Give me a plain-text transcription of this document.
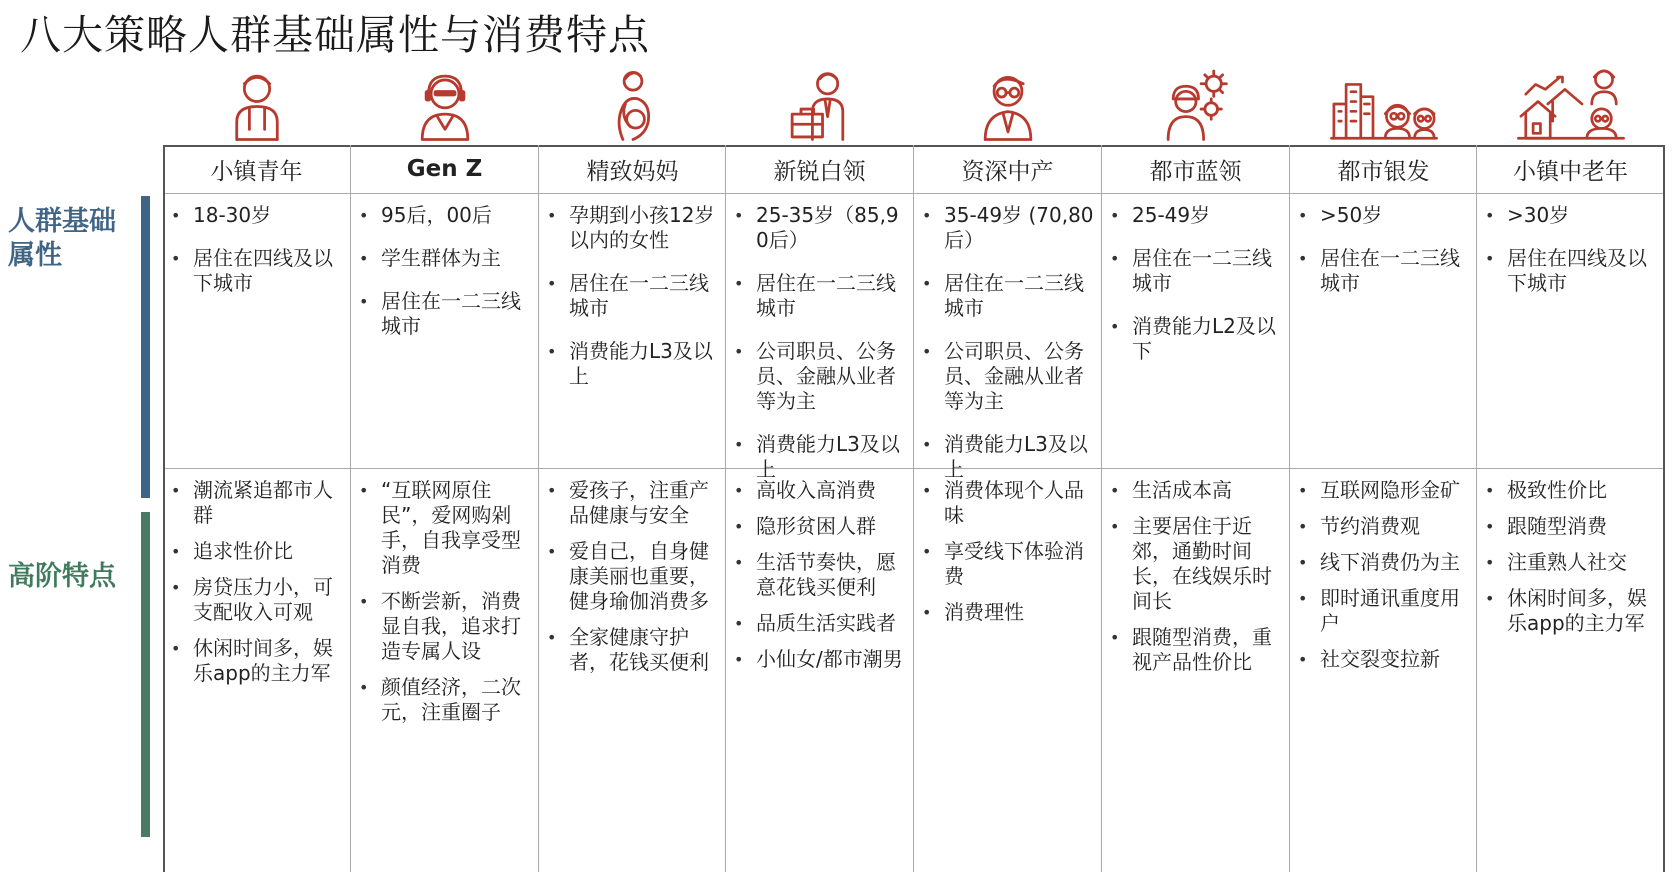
八大策略人群基础属性与消费特点
人群基础属性
高阶特点
小镇青年
• 18-30岁
• 居住在四线及以下城市
• 潮流紧追都市人群
• 追求性价比
• 房贷压力小，可支配收入可观
• 休闲时间多，娱乐app的主力军
Gen Z
• 95后，00后
• 学生群体为主
• 居住在一二三线城市
• “互联网原住民”，爱网购剁手，自我享受型消费
• 不断尝新，消费显自我，追求打造专属人设
• 颜值经济，二次元，注重圈子
精致妈妈
• 孕期到小孩12岁以内的女性
• 居住在一二三线城市
• 消费能力L3及以上
• 爱孩子，注重产品健康与安全
• 爱自己，自身健康美丽也重要，健身瑜伽消费多
• 全家健康守护者，花钱买便利
新锐白领
• 25-35岁（85,90后）
• 居住在一二三线城市
• 公司职员、公务员、金融从业者等为主
• 消费能力L3及以上
• 高收入高消费
• 隐形贫困人群
• 生活节奏快，愿意花钱买便利
• 品质生活实践者
• 小仙女/都市潮男
资深中产
• 35-49岁 (70,80后）
• 居住在一二三线城市
• 公司职员、公务员、金融从业者等为主
• 消费能力L3及以上
• 消费体现个人品味
• 享受线下体验消费
• 消费理性
都市蓝领
• 25-49岁
• 居住在一二三线城市
• 消费能力L2及以下
• 生活成本高
• 主要居住于近郊，通勤时间长，在线娱乐时间长
• 跟随型消费，重视产品性价比
都市银发
• >50岁
• 居住在一二三线城市
• 互联网隐形金矿
• 节约消费观
• 线下消费仍为主
• 即时通讯重度用户
• 社交裂变拉新
小镇中老年
• >30岁
• 居住在四线及以下城市
• 极致性价比
• 跟随型消费
• 注重熟人社交
• 休闲时间多，娱乐app的主力军
